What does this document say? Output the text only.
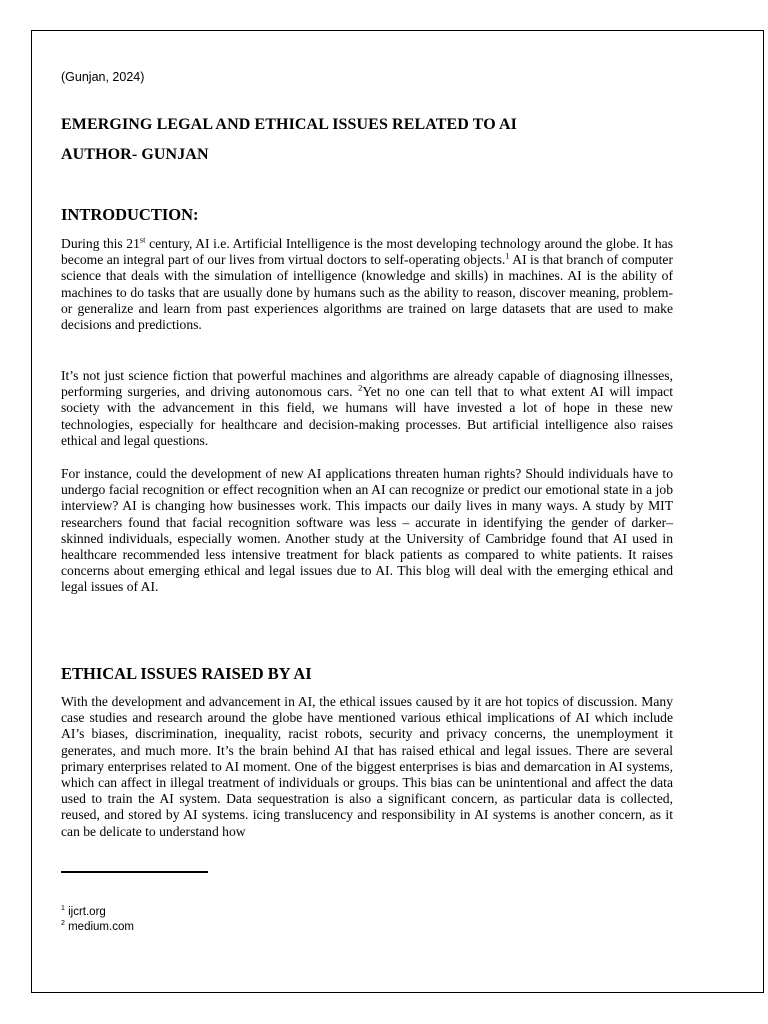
(Gunjan, 2024)
EMERGING LEGAL AND ETHICAL ISSUES RELATED TO AI
AUTHOR- GUNJAN
INTRODUCTION:

During this 21st century, AI i.e. Artificial Intelligence is the most developing technology around the globe. It has become an integral part of our lives from virtual doctors to self-operating objects.$^1$ AI is that branch of computer science that deals with the simulation of intelligence (knowledge and skills) in machines. AI is the ability of machines to do tasks that are usually done by humans such as the ability to reason, discover meaning, problem- or generalize and learn from past experiences algorithms are trained on large datasets that are used to make decisions and predictions.

It’s not just science fiction that powerful machines and algorithms are already capable of diagnosing illnesses, performing surgeries, and driving autonomous cars. $^2$Yet no one can tell that to what extent AI will impact society with the advancement in this field, we humans will have invested a lot of hope in these new technologies, especially for healthcare and decision-making processes. But artificial intelligence also raises ethical and legal questions.

For instance, could the development of new AI applications threaten human rights? Should individuals have to undergo facial recognition or effect recognition when an AI can recognize or predict our emotional state in a job interview? AI is changing how businesses work. This impacts our daily lives in many ways. A study by MIT researchers found that facial recognition software was less – accurate in identifying the gender of darker–skinned individuals, especially women. Another study at the University of Cambridge found that AI used in healthcare recommended less intensive treatment for black patients as compared to white patients. It raises concerns about emerging ethical and legal issues due to AI. This blog will deal with the emerging ethical and legal issues of AI.

ETHICAL ISSUES RAISED BY AI

With the development and advancement in AI, the ethical issues caused by it are hot topics of discussion. Many case studies and research around the globe have mentioned various ethical implications of AI which include AI’s biases, discrimination, inequality, racist robots, security and privacy concerns, the unemployment it generates, and much more. It’s the brain behind AI that has raised ethical and legal issues. There are several primary enterprises related to AI moment. One of the biggest enterprises is bias and demarcation in AI systems, which can affect in illegal treatment of individuals or groups. This bias can be unintentional and affect the data used to train the AI system. Data sequestration is also a significant concern, as particular data is collected, reused, and stored by AI systems. icing translucency and responsibility in AI systems is another concern, as it can be delicate to understand how

$^1$ ijcrt.org
$^2$ medium.com
